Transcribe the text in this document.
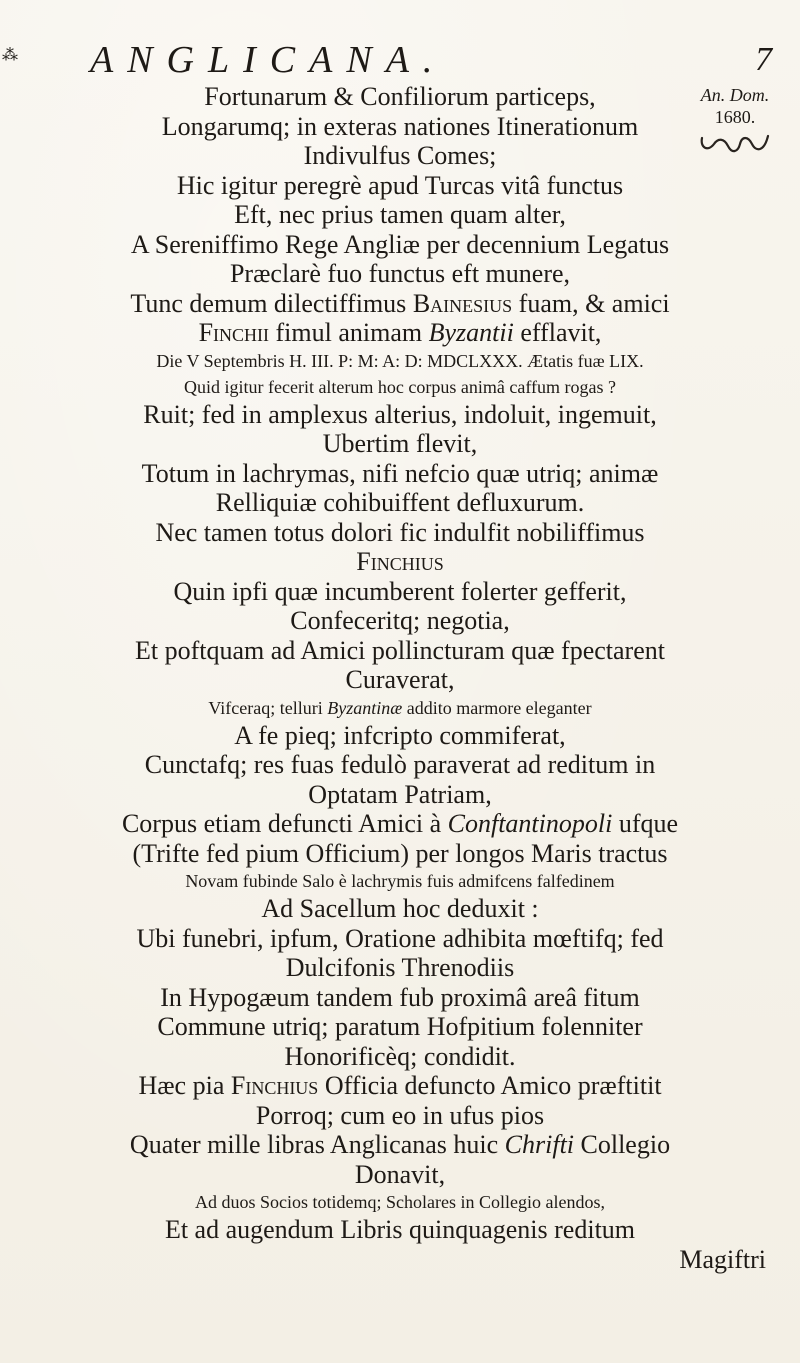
⁂ ANGLICANA.	7
An. Dom.
1680.
Fortunarum & Confiliorum particeps,
Longarumq; in exteras nationes Itinerationum
Indivulfus Comes;
Hic igitur peregrè apud Turcas vitâ functus
Eft, nec prius tamen quam alter,
A Sereniffimo Rege Angliæ per decennium Legatus
Præclarè fuo functus eft munere,
Tunc demum dilectiffimus Bainesius fuam, & amici
Finchii fimul animam Byzantii efflavit,
Die V Septembris H. III. P: M: A: D: MDCLXXX. Ætatis fuæ LIX.
Quid igitur fecerit alterum hoc corpus animâ caffum rogas ?
Ruit; fed in amplexus alterius, indoluit, ingemuit,
Ubertim flevit,
Totum in lachrymas, nifi nefcio quæ utriq; animæ
Relliquiæ cohibuiffent defluxurum.
Nec tamen totus dolori fic indulfit nobiliffimus
Finchius
Quin ipfi quæ incumberent folerter gefferit,
Confeceritq; negotia,
Et poftquam ad Amici pollincturam quæ fpectarent
Curaverat,
Vifceraq; telluri Byzantinæ addito marmore eleganter
A fe pieq; infcripto commiferat,
Cunctafq; res fuas fedulò paraverat ad reditum in
Optatam Patriam,
Corpus etiam defuncti Amici à Conftantinopoli ufque
(Trifte fed pium Officium) per longos Maris tractus
Novam fubinde Salo è lachrymis fuis admifcens falfedinem
Ad Sacellum hoc deduxit :
Ubi funebri, ipfum, Oratione adhibita mœftifq; fed
Dulcifonis Threnodiis
In Hypogæum tandem fub proximâ areâ fitum
Commune utriq; paratum Hofpitium folenniter
Honorificèq; condidit.
Hæc pia Finchius Officia defuncto Amico præftitit
Porroq; cum eo in ufus pios
Quater mille libras Anglicanas huic Chrifti Collegio
Donavit,
Ad duos Socios totidemq; Scholares in Collegio alendos,
Et ad augendum Libris quinquagenis reditum
Magiftri
